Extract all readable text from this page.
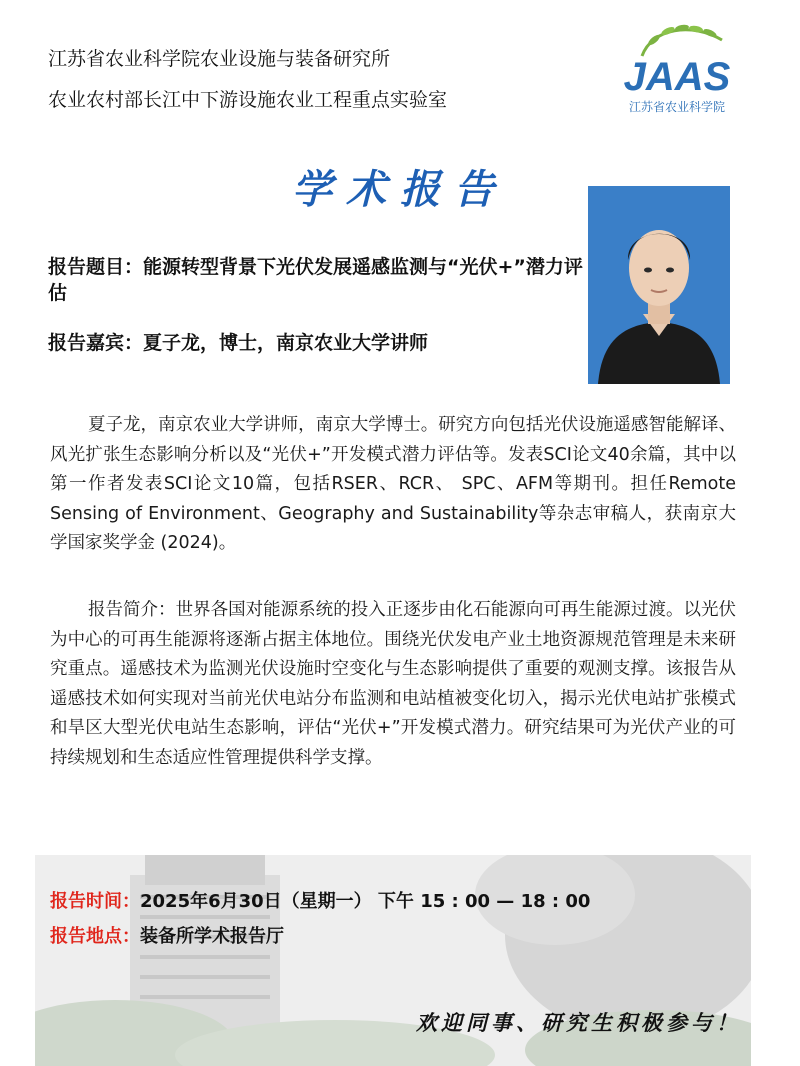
江苏省农业科学院农业设施与装备研究所
农业农村部长江中下游设施农业工程重点实验室
JAAS
江苏省农业科学院
学术报告
报告题目：能源转型背景下光伏发展遥感监测与“光伏+”潜力评估
报告嘉宾：夏子龙，博士，南京农业大学讲师

夏子龙，南京农业大学讲师，南京大学博士。研究方向包括光伏设施遥感智能解译、风光扩张生态影响分析以及“光伏+”开发模式潜力评估等。发表SCI论文40余篇，其中以第一作者发表SCI论文10篇，包括RSER、RCR、 SPC、AFM等期刊。担任Remote Sensing of Environment、Geography and Sustainability等杂志审稿人，获南京大学国家奖学金 (2024)。

报告简介：世界各国对能源系统的投入正逐步由化石能源向可再生能源过渡。以光伏为中心的可再生能源将逐渐占据主体地位。围绕光伏发电产业土地资源规范管理是未来研究重点。遥感技术为监测光伏设施时空变化与生态影响提供了重要的观测支撑。该报告从遥感技术如何实现对当前光伏电站分布监测和电站植被变化切入，揭示光伏电站扩张模式和旱区大型光伏电站生态影响，评估“光伏+”开发模式潜力。研究结果可为光伏产业的可持续规划和生态适应性管理提供科学支撑。

报告时间：2025年6月30日（星期一） 下午 15 : 00 — 18 : 00
报告地点：装备所学术报告厅
欢迎同事、研究生积极参与！
